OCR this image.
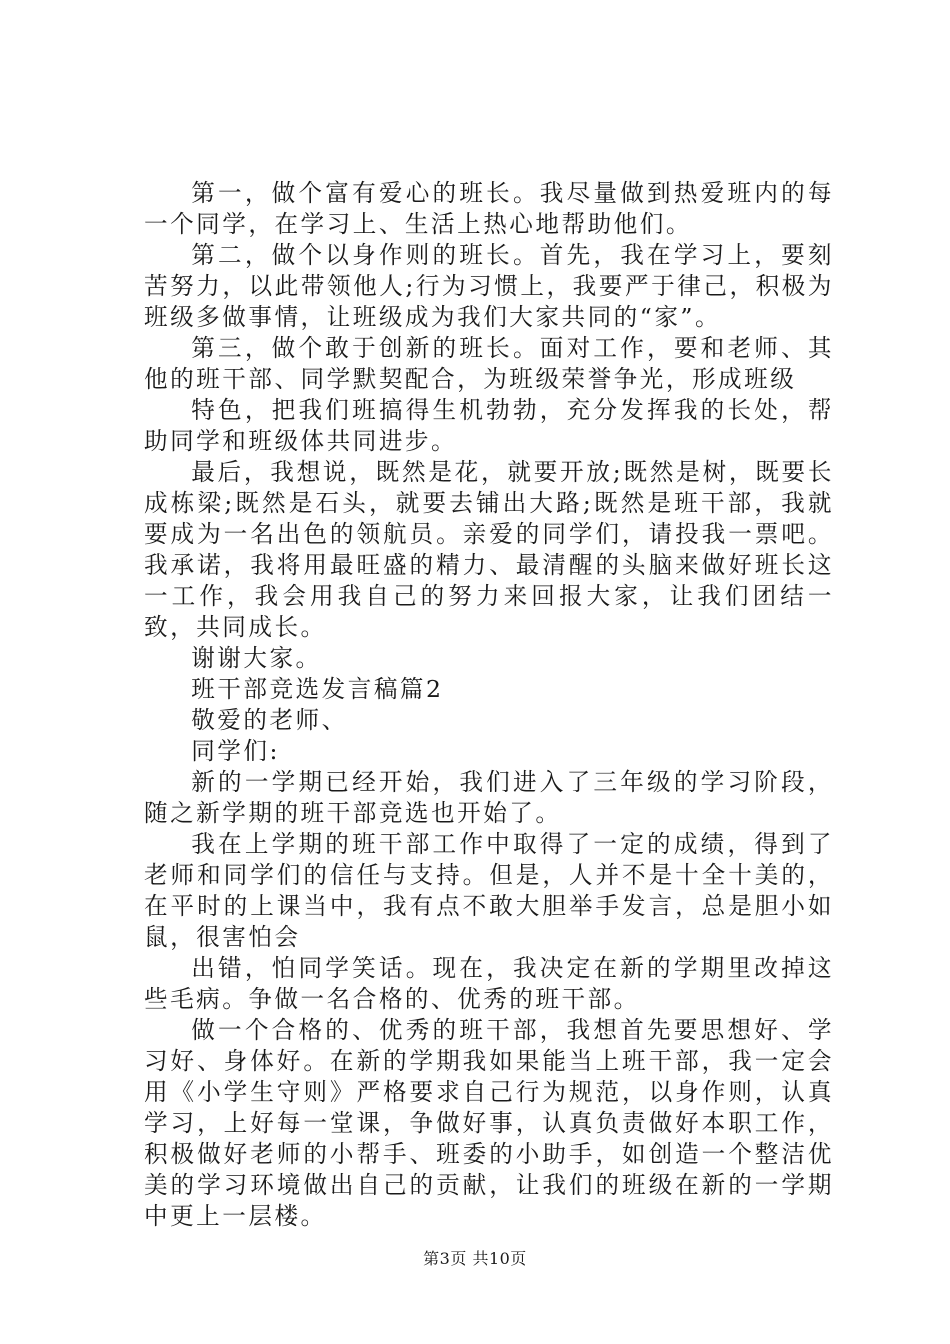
第一，做个富有爱心的班长。我尽量做到热爱班内的每一个同学，在学习上、生活上热心地帮助他们。

第二，做个以身作则的班长。首先，我在学习上，要刻苦努力，以此带领他人;行为习惯上，我要严于律己，积极为班级多做事情，让班级成为我们大家共同的“家”。

第三，做个敢于创新的班长。面对工作，要和老师、其他的班干部、同学默契配合，为班级荣誉争光，形成班级

特色，把我们班搞得生机勃勃，充分发挥我的长处，帮助同学和班级体共同进步。

最后，我想说，既然是花，就要开放;既然是树，既要长成栋梁;既然是石头，就要去铺出大路;既然是班干部，我就要成为一名出色的领航员。亲爱的同学们，请投我一票吧。我承诺，我将用最旺盛的精力、最清醒的头脑来做好班长这一工作，我会用我自己的努力来回报大家，让我们团结一致，共同成长。

谢谢大家。

班干部竞选发言稿篇2

敬爱的老师、

同学们:

新的一学期已经开始，我们进入了三年级的学习阶段，随之新学期的班干部竞选也开始了。

我在上学期的班干部工作中取得了一定的成绩，得到了老师和同学们的信任与支持。但是，人并不是十全十美的，在平时的上课当中，我有点不敢大胆举手发言，总是胆小如鼠，很害怕会

出错，怕同学笑话。现在，我决定在新的学期里改掉这些毛病。争做一名合格的、优秀的班干部。

做一个合格的、优秀的班干部，我想首先要思想好、学习好、身体好。在新的学期我如果能当上班干部，我一定会用《小学生守则》严格要求自己行为规范，以身作则，认真学习，上好每一堂课，争做好事，认真负责做好本职工作，积极做好老师的小帮手、班委的小助手，如创造一个整洁优美的学习环境做出自己的贡献，让我们的班级在新的一学期中更上一层楼。

第3页 共10页
